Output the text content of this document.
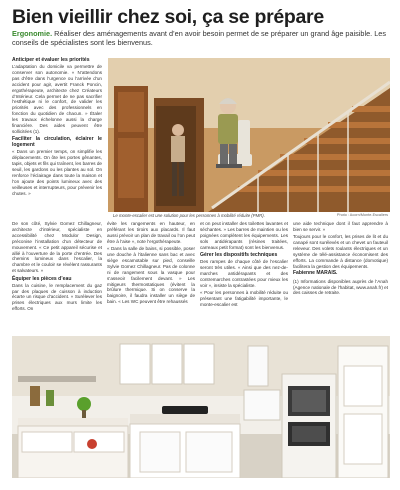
Bien vieillir chez soi, ça se prépare
Ergonomie. Réaliser des aménagements avant d’en avoir besoin permet de se préparer un grand âge paisible. Les conseils de spécialistes sont les bienvenus.
Anticiper et évaluer les priorités

L’adaptation du domicile va permettre de conserver son autonomie. « N’attendons pas d’être dans l’urgence ou l’arrivée d’un accident pour agir, avertit Franck Poncin, ergothérapeute, architecte chez Créateurs d’Intérieur. Cela permet de ne pas sacrifier l’esthétique ni le confort, de valider les priorités avec des professionnels en fonction du quotidien de chacun. » Étaler les travaux échelonne aussi la charge financière. Des aides peuvent être sollicitées (1).

Faciliter la circulation, éclairer le logement

« Dans un premier temps, on simplifie les déplacements. On ôte les portes gênantes, tapis, objets et fils qui traînent, les barres de seuil, les gardons ou les plantes au sol. On renforce l’éclairage dans toute la maison et l’on ajoute des points lumineux avec des veilleuses et interrupteurs, pour prévenir les chutes. »

Le monte-escalier est une solution pour les personnes à mobilité réduite (PMR).	Photo : Acorn/Monte-Escaliers

De son côté, Sylvie Gomez Chillagneur, architecte d’intérieur, spécialiste en accessibilité chez Modulor Design, préconise l’installation d’un détecteur de mouvement. « Ce petit appareil sécurise et allié à l’ouverture de la porte d’entrée. Des chemins lumineux dans l’escalier, la chambre et le couloir se révèlent rassurants et salvateurs. »

Équiper les pièces d’eau

Dans la cuisine, le remplacement du gaz par des plaques de cuisson à induction écarte un risque d’accident. « Surélever les prises électriques aux murs limite les efforts. On

évite les rangements en hauteur, en préférant les tiroirs aux placards. Il faut aussi prévoir un plan de travail ou l’on peut être à l’aise », note l’ergothérapeute.

« Dans la salle de bains, si possible, poser une douche à l’italienne sans bac et avec siège escamotable sur pied, conseille Sylvie Gomez Chillagneur. Pas de colonne ni de rangement sous la vasque pour s’asseoir facilement devant. » Les mitigeurs thermostatiques (évitent la brûlure thermique. Si on conserve la baignoire, il faudra installer un siège de bain. « Les WC peuvent être rehaussés

et on peut installer des toilettes lavantes et séchantes. » Les barres de maintien ou les poignées complètent les équipements. Les sols antidérapants (résines traitées, carreaux petit format) sont les bienvenus.

Gérer les dispositifs techniques

Des rampes de chaque côté de l’escalier seront très utiles. « Ainsi que des nez-de-marches antidérapants et des contremarches contrastées pour mieux les voir », insiste la spécialiste.

« Pour les personnes à mobilité réduite ou présentant une fatigabilité importante, le monte-escalier est

une aide technique dont il faut apprendre à bien se servir. »

Toujours pour le confort, les prises de lit et du canapé sont surélevés et un chevet un fauteuil releveur. Des volets roulants électriques et un système de télé-assistance économisent des efforts. La commande à distance (domotique) facilitera la gestion des équipements.

Fabienne MARAIS.

(1) Informations disponibles auprès de l’Anah (Agence nationale de l’habitat, www.anah.fr) et des caisses de retraite.
